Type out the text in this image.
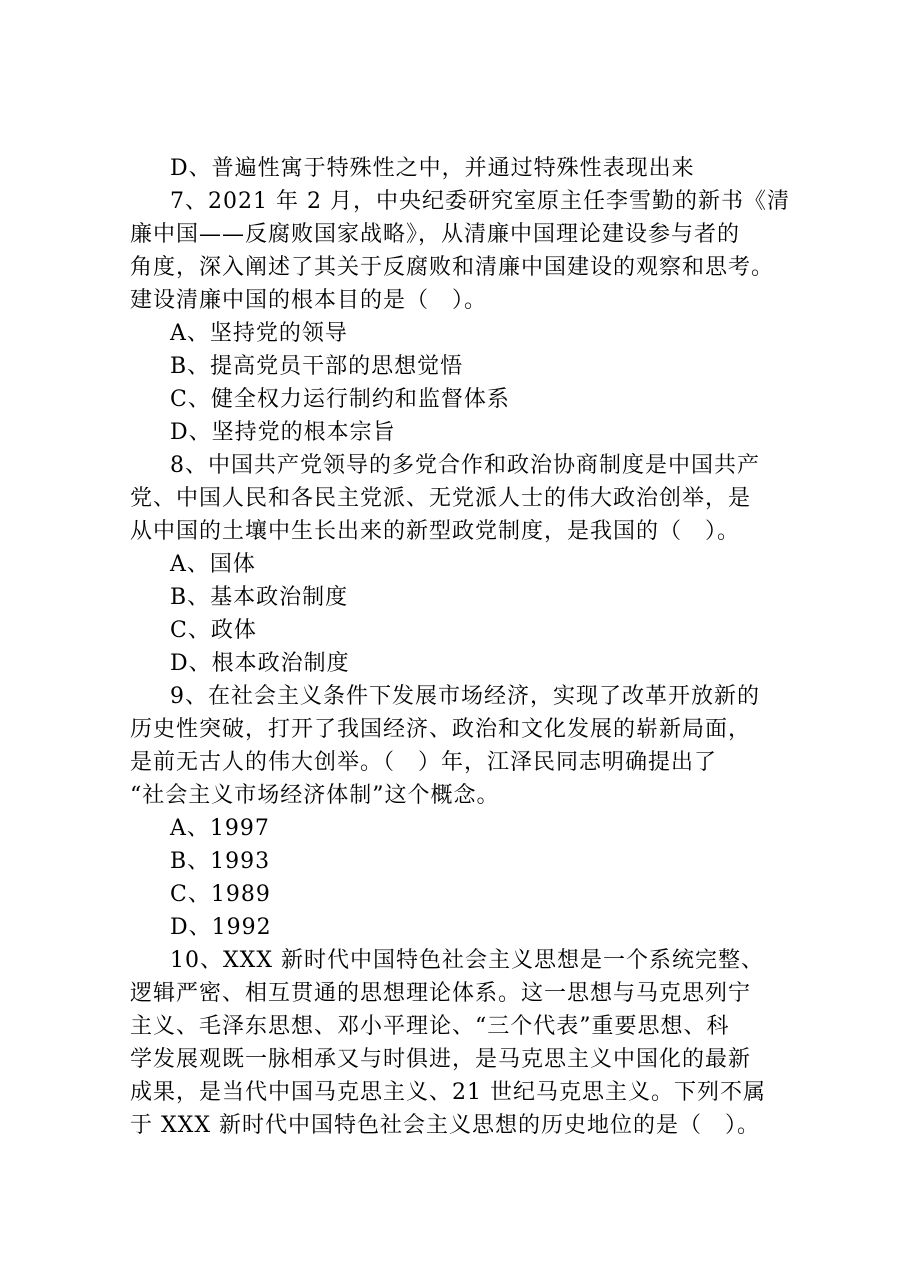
D、普遍性寓于特殊性之中，并通过特殊性表现出来
7、2021 年 2 月，中央纪委研究室原主任李雪勤的新书《清
廉中国——反腐败国家战略》，从清廉中国理论建设参与者的
角度，深入阐述了其关于反腐败和清廉中国建设的观察和思考。
建设清廉中国的根本目的是（　）。
A、坚持党的领导
B、提高党员干部的思想觉悟
C、健全权力运行制约和监督体系
D、坚持党的根本宗旨
8、中国共产党领导的多党合作和政治协商制度是中国共产
党、中国人民和各民主党派、无党派人士的伟大政治创举，是
从中国的土壤中生长出来的新型政党制度，是我国的（　）。
A、国体
B、基本政治制度
C、政体
D、根本政治制度
9、在社会主义条件下发展市场经济，实现了改革开放新的
历史性突破，打开了我国经济、政治和文化发展的崭新局面，
是前无古人的伟大创举。（　）年，江泽民同志明确提出了
“社会主义市场经济体制”这个概念。
A、1997
B、1993
C、1989
D、1992
10、XXX 新时代中国特色社会主义思想是一个系统完整、
逻辑严密、相互贯通的思想理论体系。这一思想与马克思列宁
主义、毛泽东思想、邓小平理论、“三个代表”重要思想、科
学发展观既一脉相承又与时俱进，是马克思主义中国化的最新
成果，是当代中国马克思主义、21 世纪马克思主义。下列不属
于 XXX 新时代中国特色社会主义思想的历史地位的是（　）。
